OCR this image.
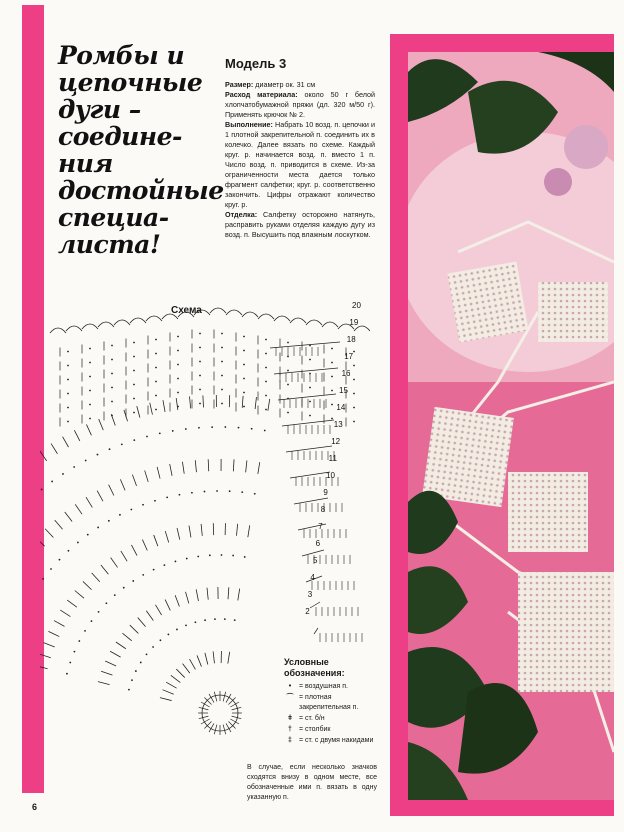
Ромбы и
цепочные
дуги –
соедине-
ния
достойные
специа-
листа!
Модель 3

Размер: диаметр ок. 31 см

Расход материала: около 50 г белой хлопчатобумажной пряжи (дл. 320 м/50 г). Применять крючок № 2.

Выполнение: Набрать 10 возд. п. цепочки и 1 плотной закрепительной п. соединить их в колечко. Далее вязать по схеме. Каждый круг. р. начинается возд. п. вместо 1 п. Число возд. п. приводится в схеме. Из-за ограниченности места дается только фрагмент салфетки; круг. р. соответственно закончить. Цифры отражают количество круг. р.

Отделка: Салфетку осторожно натянуть, расправить руками отделяя каждую дугу из возд. п. Высушить под влажным лоскутком.

Схема	20
19
18
17
16
15
14
13
12
11
10
9
8
7
6
5
4
3
2
Условные обозначения:
•	= воздушная п.
⌒ = плотная закрепительная п.
ǂ = ст. б/н
†	= столбик
‡	= ст. с двумя накидами
В случае, если несколько значков сходятся внизу в одном месте, все обозначенные ими п. вязать в одну указанную п.
6
